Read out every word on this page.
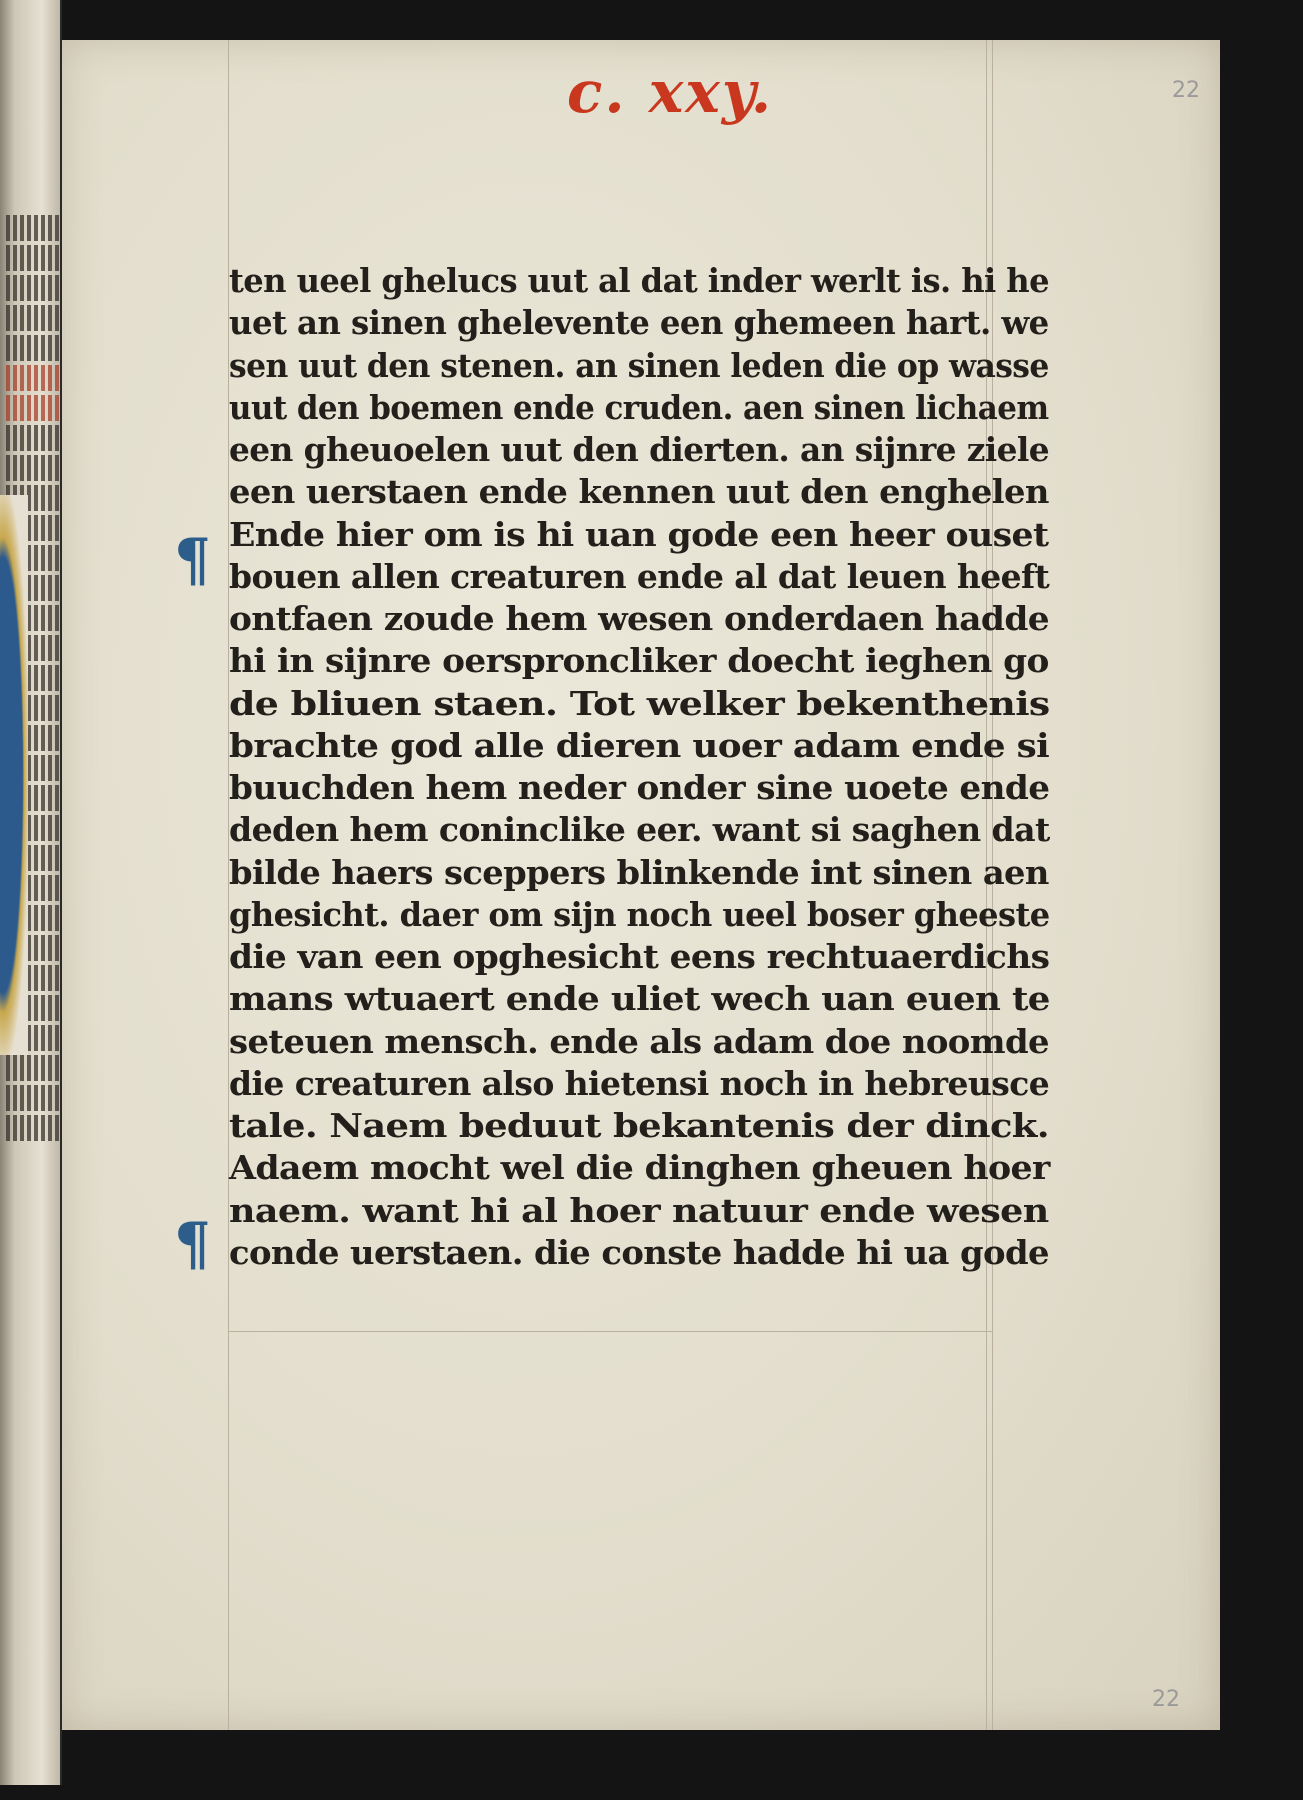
c. xxy.	22
¶
¶
ten ueel ghelucs uut al dat inder werlt is. hi he
uet an sinen ghelevente een ghemeen hart. we
sen uut den stenen. an sinen leden die op wasse
uut den boemen ende cruden. aen sinen lichaem
een gheuoelen uut den dierten. an sijnre ziele
een uerstaen ende kennen uut den enghelen
Ende hier om is hi uan gode een heer ouset
bouen allen creaturen ende al dat leuen heeft
ontfaen zoude hem wesen onderdaen hadde
hi in sijnre oersproncliker doecht ieghen go
de bliuen staen. Tot welker bekenthenis
brachte god alle dieren uoer adam ende si
buuchden hem neder onder sine uoete ende
deden hem coninclike eer. want si saghen dat
bilde haers sceppers blinkende int sinen aen
ghesicht. daer om sijn noch ueel boser gheeste
die van een opghesicht eens rechtuaerdichs
mans wtuaert ende uliet wech uan euen te
seteuen mensch. ende als adam doe noomde
die creaturen also hietensi noch in hebreusce
tale. Naem beduut bekantenis der dinck.
Adaem mocht wel die dinghen gheuen hoer
naem. want hi al hoer natuur ende wesen
conde uerstaen. die conste hadde hi ua gode
22
